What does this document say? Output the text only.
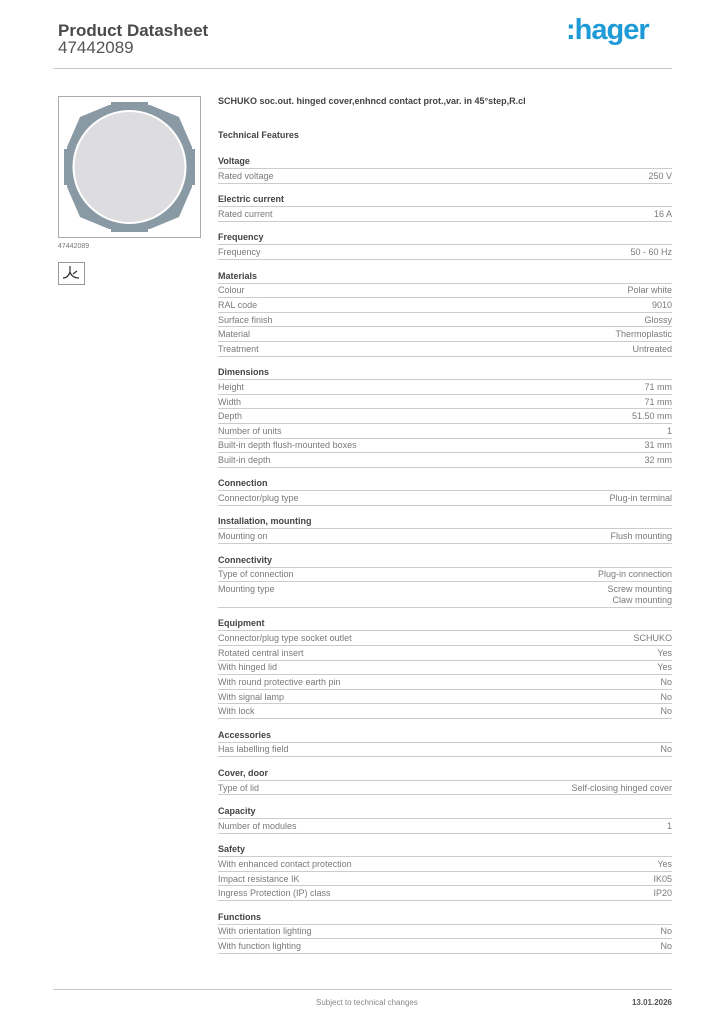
Product Datasheet
47442089
:hager
47442089
SCHUKO soc.out. hinged cover,enhncd contact prot.,var. in 45°step,R.cl
Technical Features
Voltage
Rated voltage	250 V
Electric current
Rated current	16 A
Frequency
Frequency	50 - 60 Hz
Materials
Colour	Polar white
RAL code	9010
Surface finish	Glossy
Material	Thermoplastic
Treatment	Untreated
Dimensions
Height	71 mm
Width	71 mm
Depth	51.50 mm
Number of units	1
Built-in depth flush-mounted boxes	31 mm
Built-in depth	32 mm
Connection
Connector/plug type	Plug-in terminal
Installation, mounting
Mounting on	Flush mounting
Connectivity
Type of connection	Plug-in connection
Mounting type	Screw mounting
Claw mounting
Equipment
Connector/plug type socket outlet	SCHUKO
Rotated central insert	Yes
With hinged lid	Yes
With round protective earth pin	No
With signal lamp	No
With lock	No
Accessories
Has labelling field	No
Cover, door
Type of lid	Self-closing hinged cover
Capacity
Number of modules	1
Safety
With enhanced contact protection	Yes
Impact resistance IK	IK05
Ingress Protection (IP) class	IP20
Functions
With orientation lighting	No
With function lighting	No
Subject to technical changes	13.01.2026
